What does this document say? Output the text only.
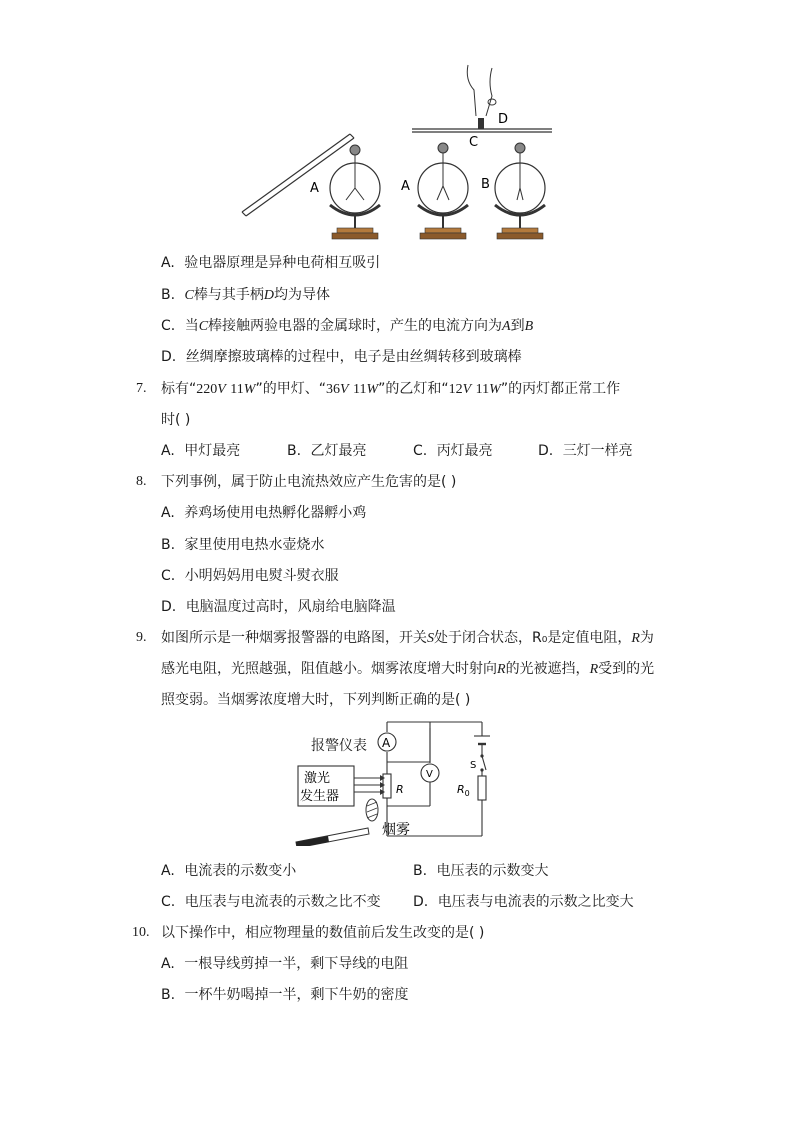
A	A	B
C
D
A. 验电器原理是异种电荷相互吸引
B. C棒与其手柄D均为导体
C. 当C棒接触两验电器的金属球时，产生的电流方向为A到B
D. 丝绸摩擦玻璃棒的过程中，电子是由丝绸转移到玻璃棒
7. 标有“220V 11W”的甲灯、“36V 11W”的乙灯和“12V 11W”的丙灯都正常工作
时( )
A. 甲灯最亮	B. 乙灯最亮	C. 丙灯最亮	D. 三灯一样亮
8. 下列事例，属于防止电流热效应产生危害的是( )
A. 养鸡场使用电热孵化器孵小鸡
B. 家里使用电热水壶烧水
C. 小明妈妈用电熨斗熨衣服
D. 电脑温度过高时，风扇给电脑降温
9. 如图所示是一种烟雾报警器的电路图，开关S处于闭合状态，R₀是定值电阻，R为
感光电阻，光照越强，阻值越小。烟雾浓度增大时射向R的光被遮挡，R受到的光
照变弱。当烟雾浓度增大时，下列判断正确的是( )
A
R
V
S
$R_0$
激光
发生器
烟雾
报警仪表
A. 电流表的示数变小	B. 电压表的示数变大
C. 电压表与电流表的示数之比不变 D. 电压表与电流表的示数之比变大
10. 以下操作中，相应物理量的数值前后发生改变的是( )
A. 一根导线剪掉一半，剩下导线的电阻
B. 一杯牛奶喝掉一半，剩下牛奶的密度
